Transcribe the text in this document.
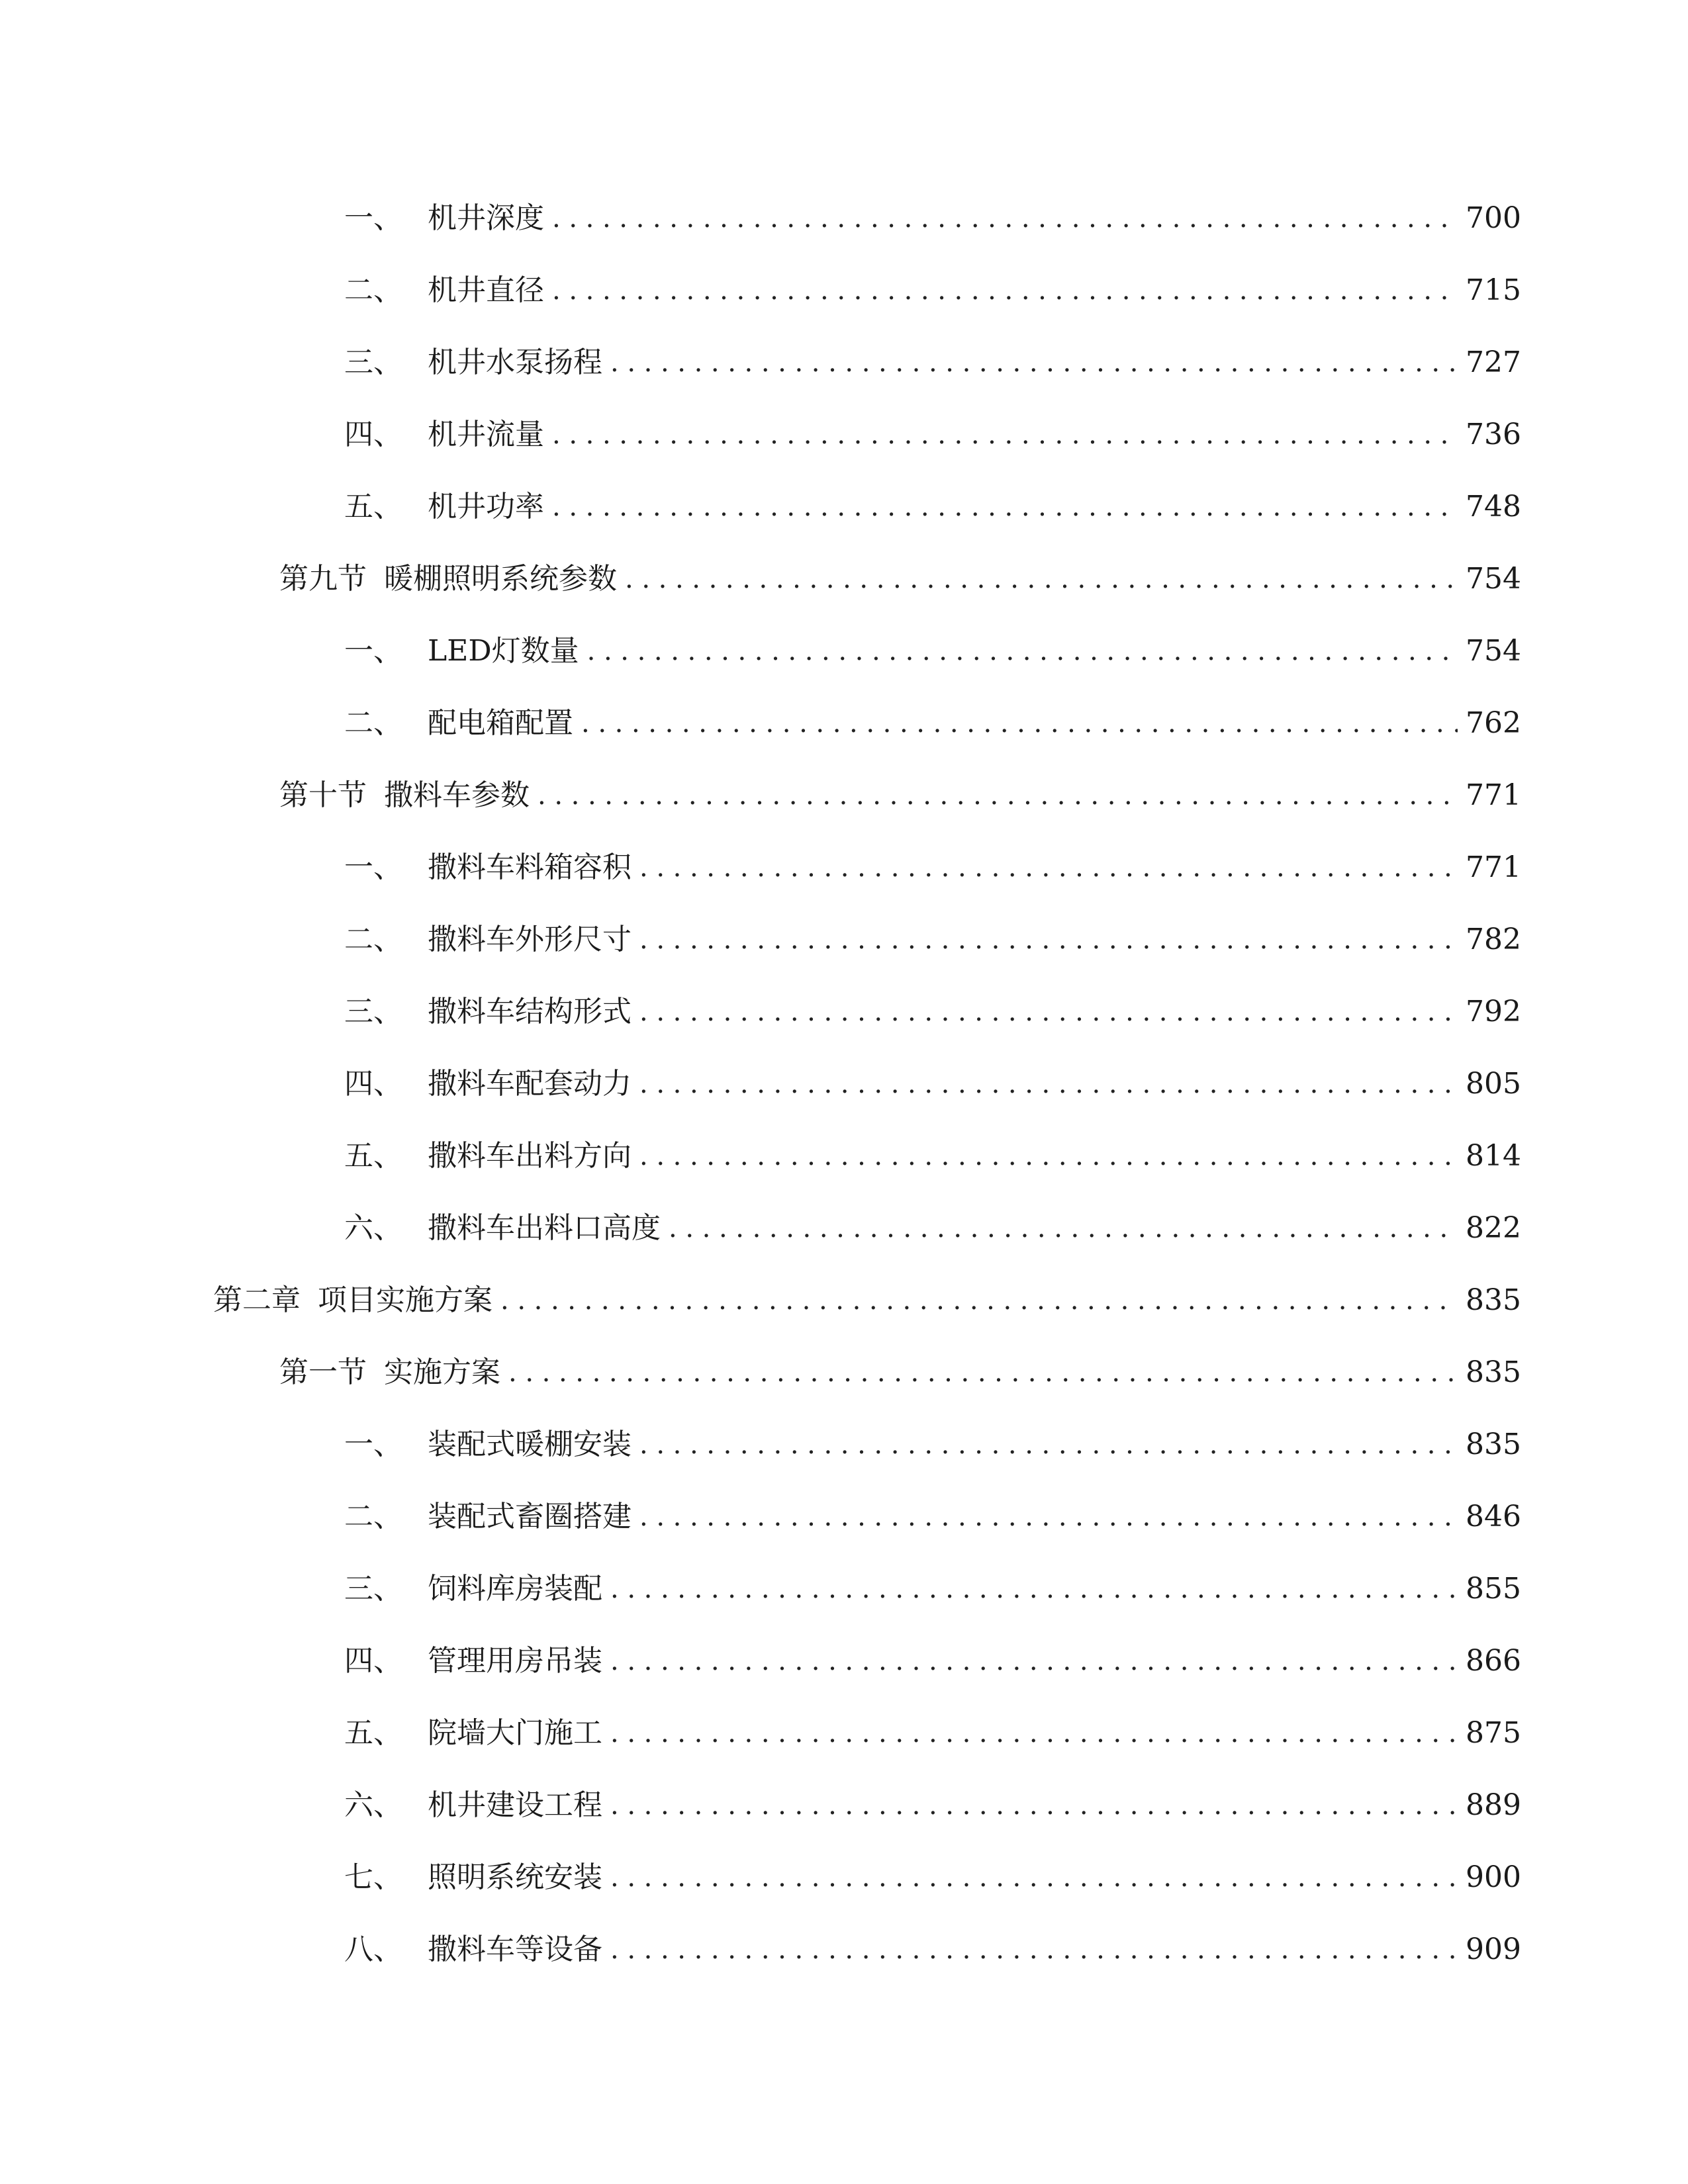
一、 机井深度 .....	700
二、 机井直径 .....	715
三、 机井水泵扬程 .....	727
四、 机井流量 .....	736
五、 机井功率 .....	748
第九节 暖棚照明系统参数 .....	754
一、 LED灯数量 .....	754
二、 配电箱配置 .....	762
第十节 撒料车参数 .....	771
一、 撒料车料箱容积 .....	771
二、 撒料车外形尺寸 .....	782
三、 撒料车结构形式 .....	792
四、 撒料车配套动力 .....	805
五、 撒料车出料方向 .....	814
六、 撒料车出料口高度 .....	822
第二章 项目实施方案 .....	835
第一节 实施方案 .....	835
一、 装配式暖棚安装 .....	835
二、 装配式畜圈搭建 .....	846
三、 饲料库房装配 .....	855
四、 管理用房吊装 .....	866
五、 院墙大门施工 .....	875
六、 机井建设工程 .....	889
七、 照明系统安装 .....	900
八、 撒料车等设备 .....	909
